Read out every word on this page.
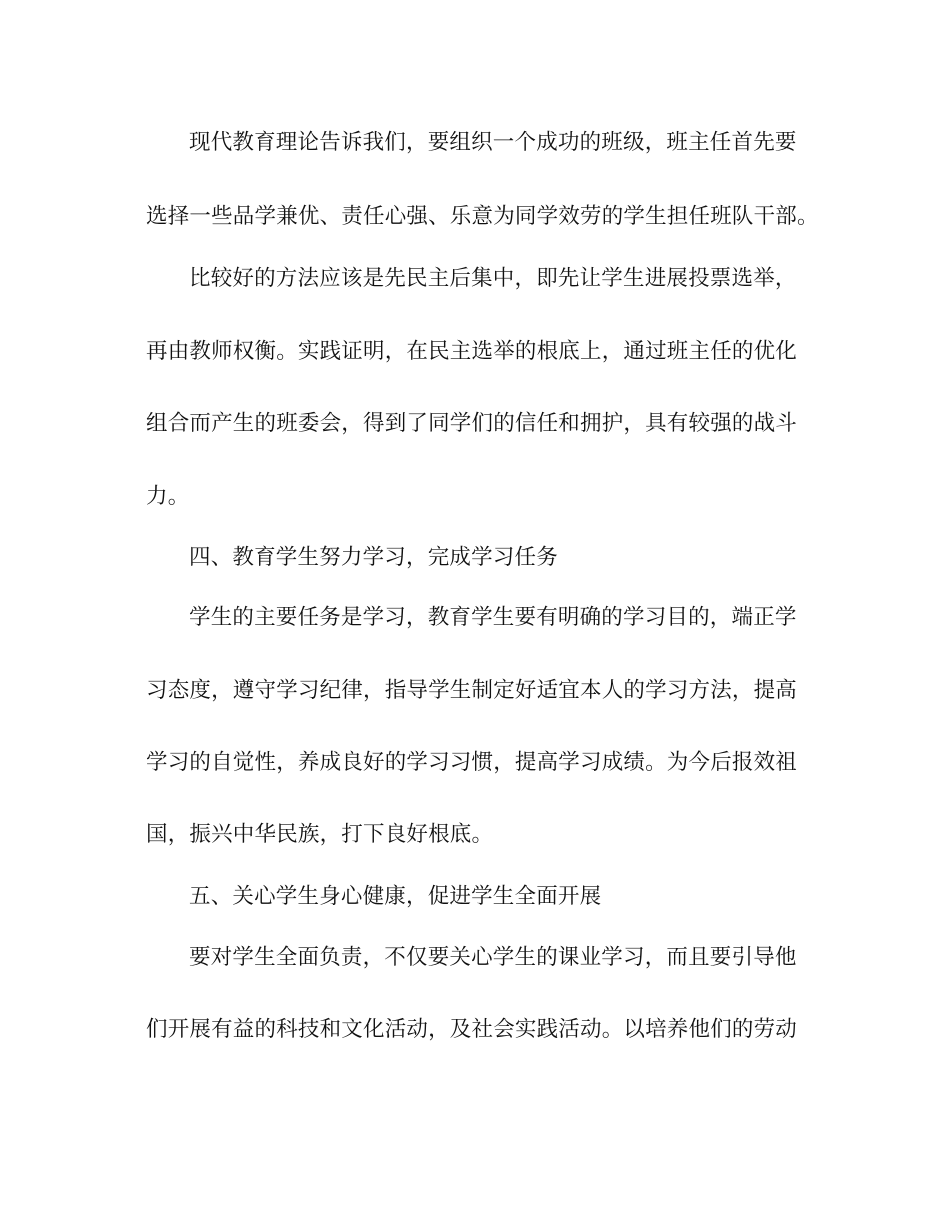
现代教育理论告诉我们，要组织一个成功的班级，班主任首先要
选择一些品学兼优、责任心强、乐意为同学效劳的学生担任班队干部。
比较好的方法应该是先民主后集中，即先让学生进展投票选举，
再由教师权衡。实践证明，在民主选举的根底上，通过班主任的优化
组合而产生的班委会，得到了同学们的信任和拥护，具有较强的战斗
力。
四、教育学生努力学习，完成学习任务
学生的主要任务是学习，教育学生要有明确的学习目的，端正学
习态度，遵守学习纪律，指导学生制定好适宜本人的学习方法，提高
学习的自觉性，养成良好的学习习惯，提高学习成绩。为今后报效祖
国，振兴中华民族，打下良好根底。
五、关心学生身心健康，促进学生全面开展
要对学生全面负责，不仅要关心学生的课业学习，而且要引导他
们开展有益的科技和文化活动，及社会实践活动。以培养他们的劳动
